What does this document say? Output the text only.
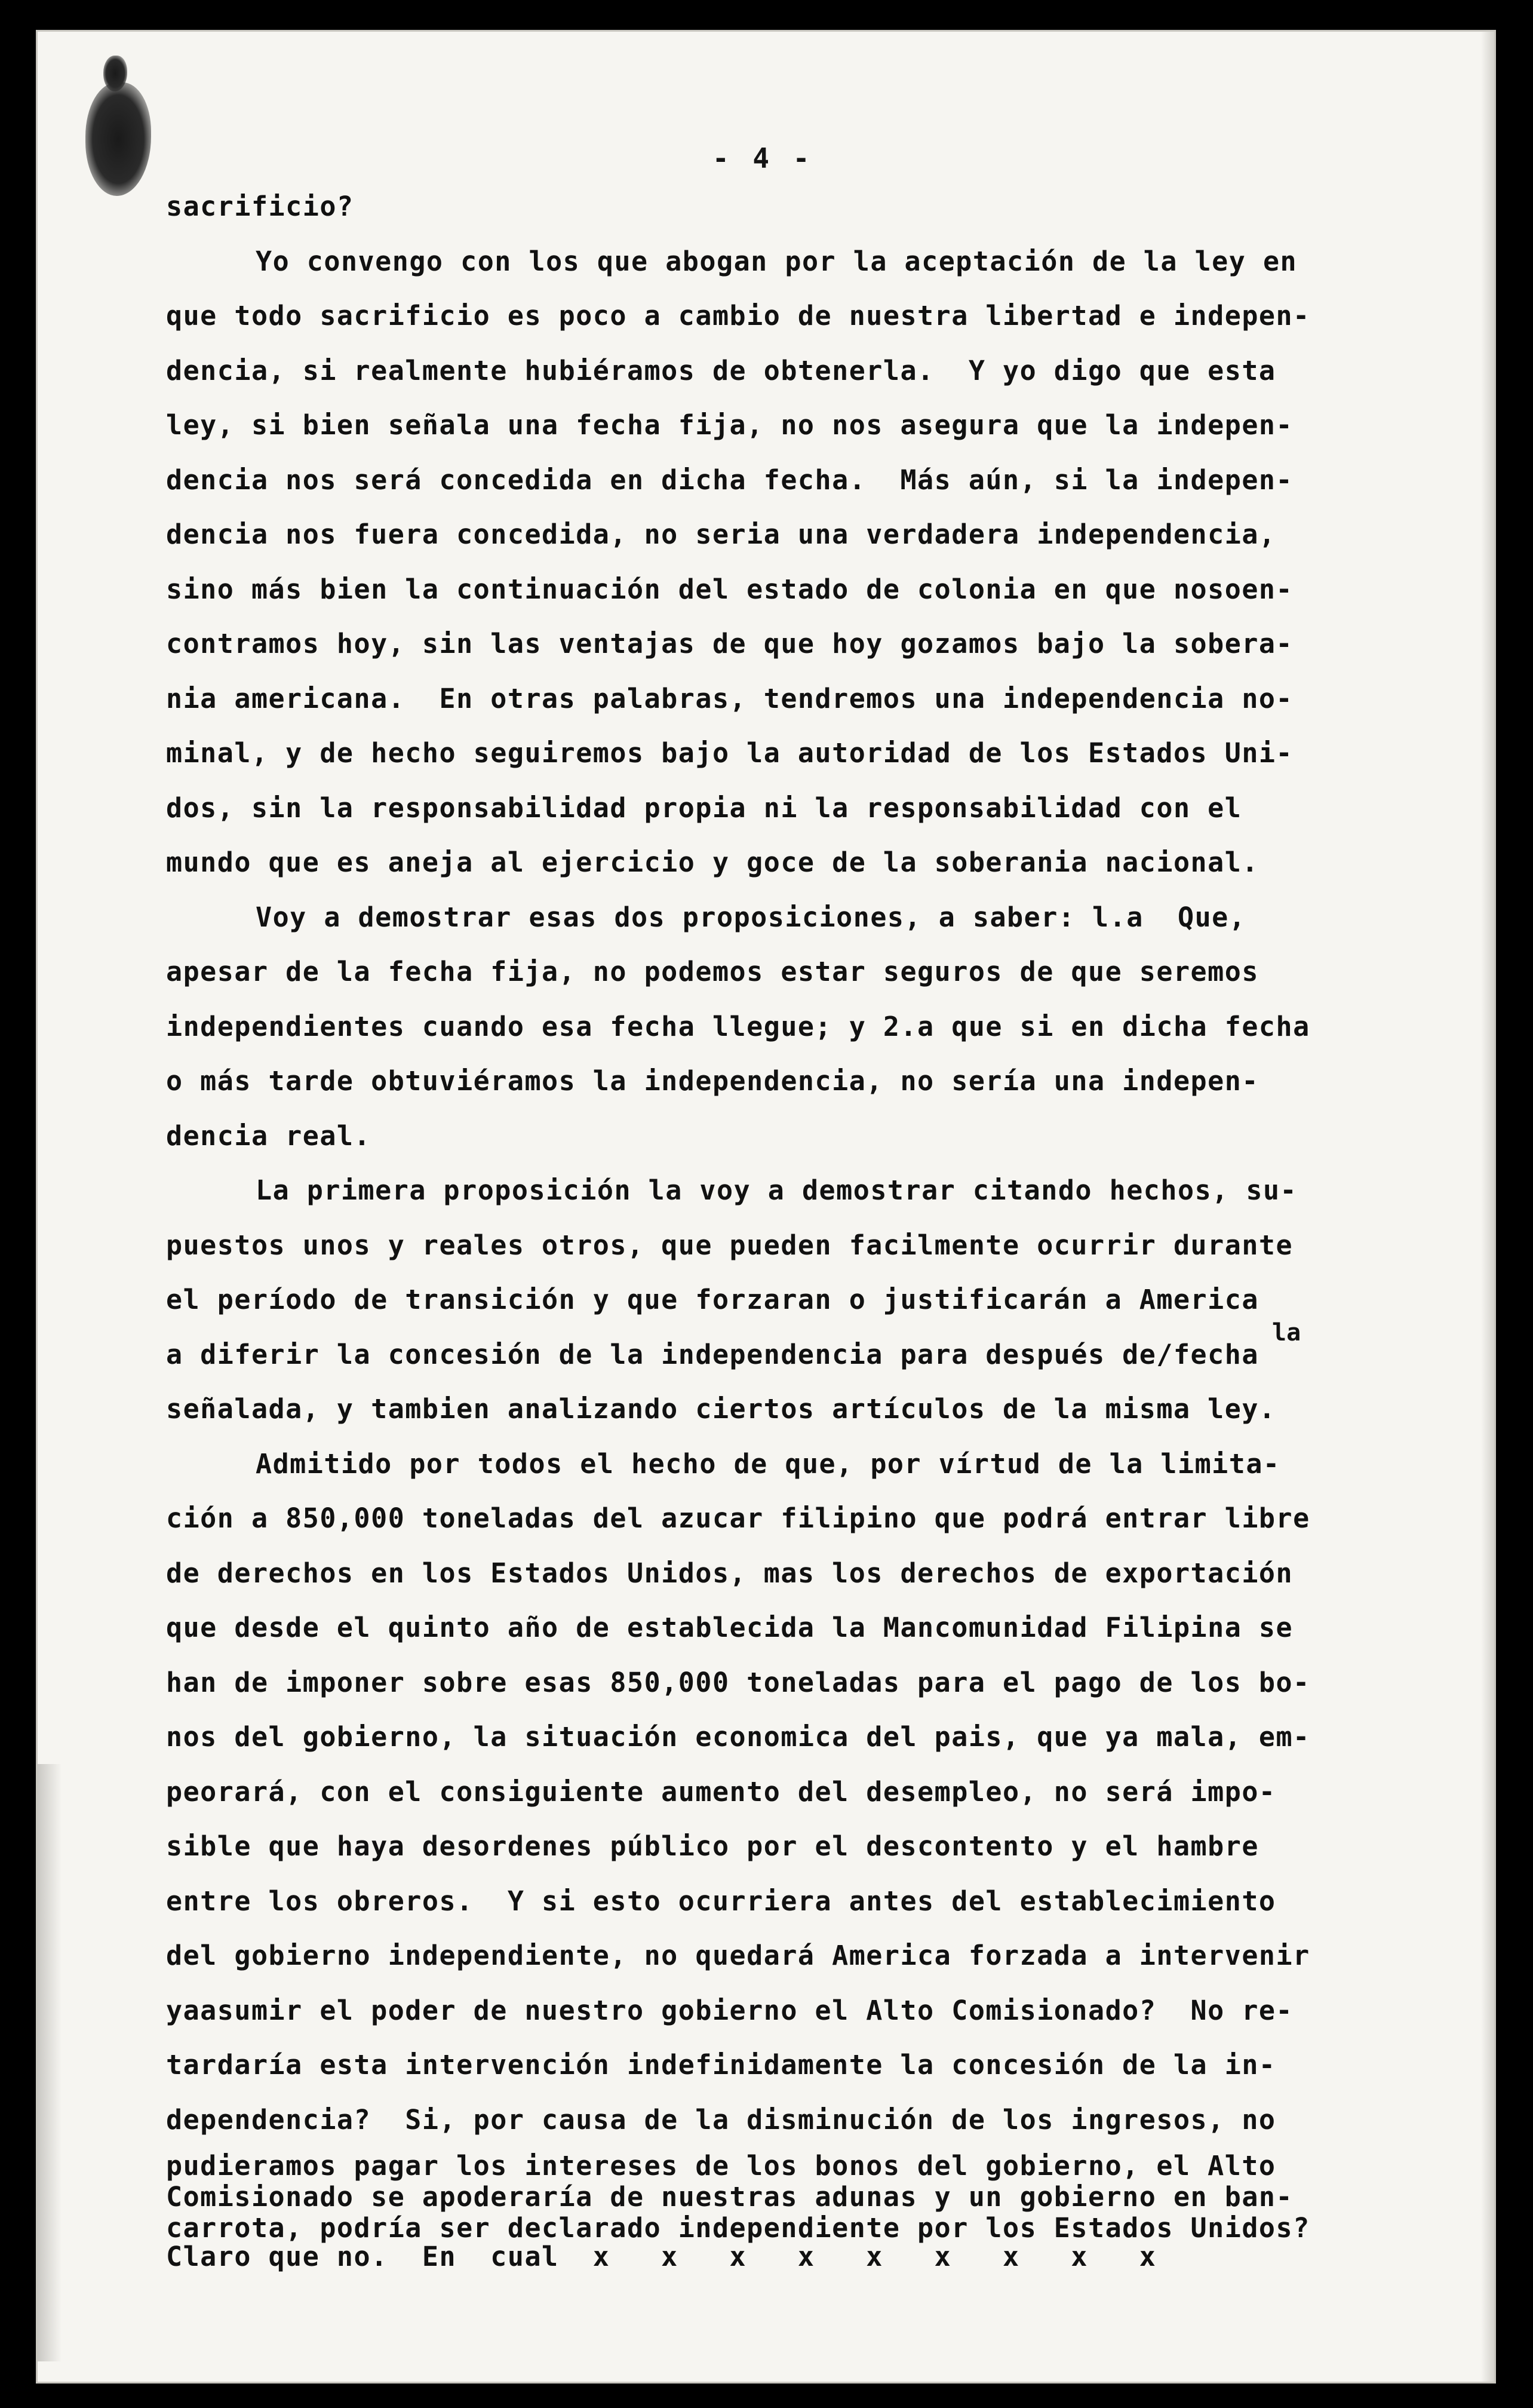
- 4 -
sacrificio?
Yo convengo con los que abogan por la aceptación de la ley en
que todo sacrificio es poco a cambio de nuestra libertad e indepen-
dencia, si realmente hubiéramos de obtenerla.  Y yo digo que esta
ley, si bien señala una fecha fija, no nos asegura que la indepen-
dencia nos será concedida en dicha fecha.  Más aún, si la indepen-
dencia nos fuera concedida, no seria una verdadera independencia,
sino más bien la continuación del estado de colonia en que nosoen-
contramos hoy, sin las ventajas de que hoy gozamos bajo la sobera-
nia americana.  En otras palabras, tendremos una independencia no-
minal, y de hecho seguiremos bajo la autoridad de los Estados Uni-
dos, sin la responsabilidad propia ni la responsabilidad con el
mundo que es aneja al ejercicio y goce de la soberania nacional.
Voy a demostrar esas dos proposiciones, a saber: l.a  Que,
apesar de la fecha fija, no podemos estar seguros de que seremos
independientes cuando esa fecha llegue; y 2.a que si en dicha fecha
o más tarde obtuviéramos la independencia, no sería una indepen-
dencia real.
La primera proposición la voy a demostrar citando hechos, su-
puestos unos y reales otros, que pueden facilmente ocurrir durante
el período de transición y que forzaran o justificarán a America
a diferir la concesión de la independencia para después de/fecha
señalada, y tambien analizando ciertos artículos de la misma ley.
Admitido por todos el hecho de que, por vírtud de la limita-
ción a 850,000 toneladas del azucar filipino que podrá entrar libre
de derechos en los Estados Unidos, mas los derechos de exportación
que desde el quinto año de establecida la Mancomunidad Filipina se
han de imponer sobre esas 850,000 toneladas para el pago de los bo-
nos del gobierno, la situación economica del pais, que ya mala, em-
peorará, con el consiguiente aumento del desempleo, no será impo-
sible que haya desordenes público por el descontento y el hambre
entre los obreros.  Y si esto ocurriera antes del establecimiento
del gobierno independiente, no quedará America forzada a intervenir
yaasumir el poder de nuestro gobierno el Alto Comisionado?  No re-
tardaría esta intervención indefinidamente la concesión de la in-
dependencia?  Si, por causa de la disminución de los ingresos, no
la
pudieramos pagar los intereses de los bonos del gobierno, el Alto
Comisionado se apoderaría de nuestras adunas y un gobierno en ban-
carrota, podría ser declarado independiente por los Estados Unidos?
Claro que no.  En  cual  x   x   x   x   x   x   x   x   x
